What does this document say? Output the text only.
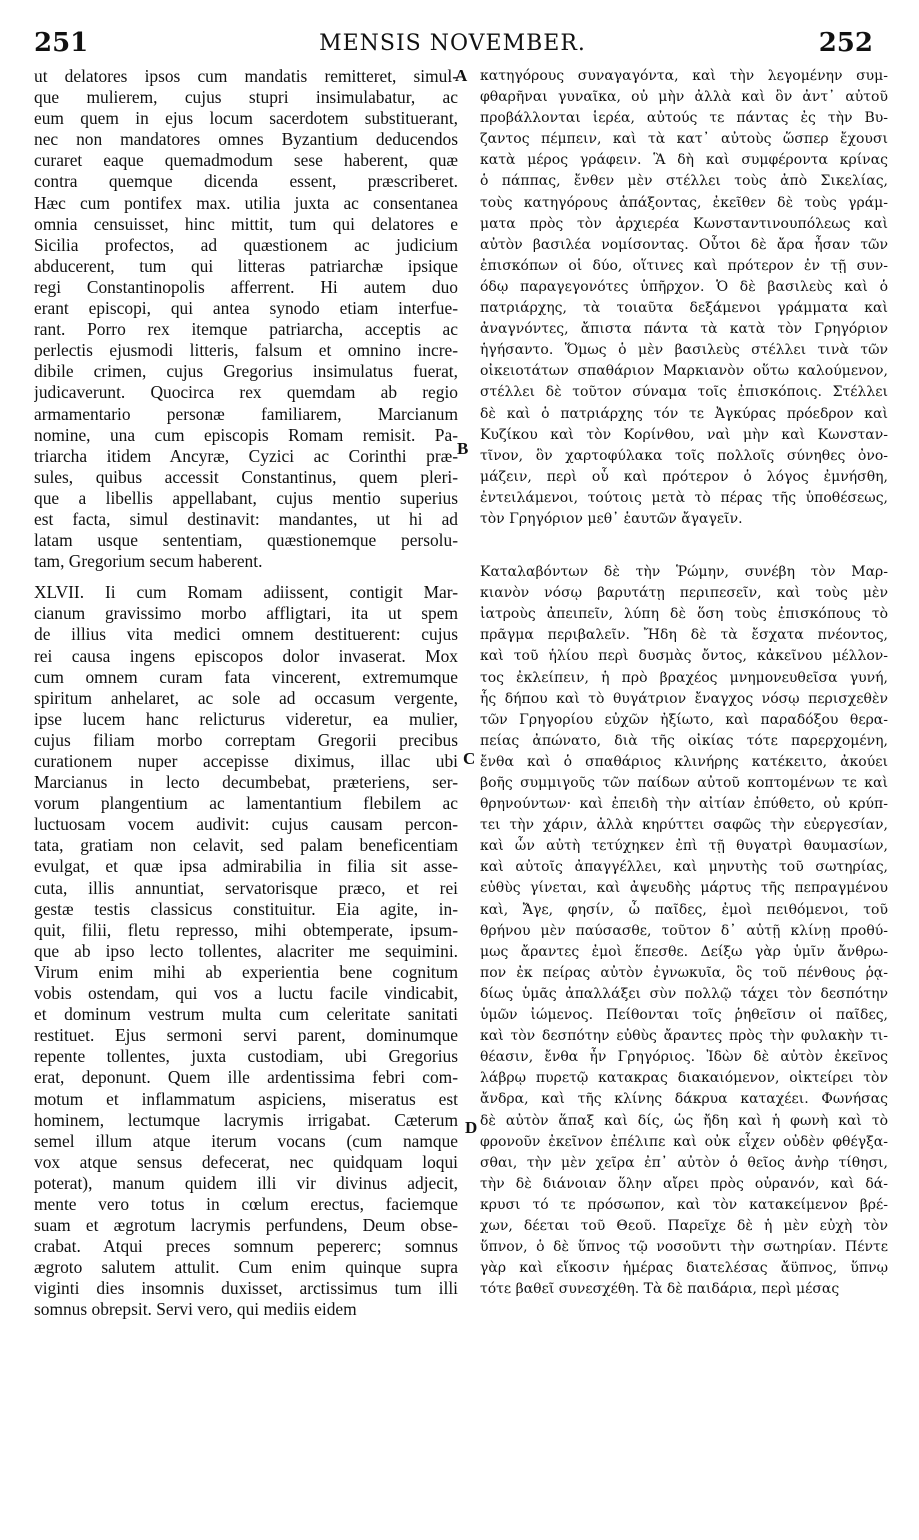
251	MENSIS NOVEMBER.	252
ut delatores ipsos cum mandatis remitteret, simul-
que mulierem, cujus stupri insimulabatur, ac
eum quem in ejus locum sacerdotem substituerant,
nec non mandatores omnes Byzantium deducendos
curaret eaque quemadmodum sese haberent, quæ
contra quemque dicenda essent, præscriberet.
Hæc cum pontifex max. utilia juxta ac consentanea
omnia censuisset, hinc mittit, tum qui delatores e
Sicilia profectos, ad quæstionem ac judicium
abducerent, tum qui litteras patriarchæ ipsique
regi Constantinopolis afferrent. Hi autem duo
erant episcopi, qui antea synodo etiam interfue-
rant. Porro rex itemque patriarcha, acceptis ac
perlectis ejusmodi litteris, falsum et omnino incre-
dibile crimen, cujus Gregorius insimulatus fuerat,
judicaverunt. Quocirca rex quemdam ab regio
armamentario personæ familiarem, Marcianum
nomine, una cum episcopis Romam remisit. Pa-
triarcha itidem Ancyræ, Cyzici ac Corinthi præ-
sules, quibus accessit Constantinus, quem pleri-
que a libellis appellabant, cujus mentio superius
est facta, simul destinavit: mandantes, ut hi ad
latam usque sententiam, quæstionemque persolu-
tam, Gregorium secum haberent.
XLVII. Ii cum Romam adiissent, contigit Mar-
cianum gravissimo morbo affligtari, ita ut spem
de illius vita medici omnem destituerent: cujus
rei causa ingens episcopos dolor invaserat. Mox
cum omnem curam fata vincerent, extremumque
spiritum anhelaret, ac sole ad occasum vergente,
ipse lucem hanc relicturus videretur, ea mulier,
cujus filiam morbo correptam Gregorii precibus
curationem nuper accepisse diximus, illac ubi
Marcianus in lecto decumbebat, præteriens, ser-
vorum plangentium ac lamentantium flebilem ac
luctuosam vocem audivit: cujus causam percon-
tata, gratiam non celavit, sed palam beneficentiam
evulgat, et quæ ipsa admirabilia in filia sit asse-
cuta, illis annuntiat, servatorisque præco, et rei
gestæ testis classicus constituitur. Eia agite, in-
quit, filii, fletu represso, mihi obtemperate, ipsum-
que ab ipso lecto tollentes, alacriter me sequimini.
Virum enim mihi ab experientia bene cognitum
vobis ostendam, qui vos a luctu facile vindicabit,
et dominum vestrum multa cum celeritate sanitati
restituet. Ejus sermoni servi parent, dominumque
repente tollentes, juxta custodiam, ubi Gregorius
erat, deponunt. Quem ille ardentissima febri com-
motum et inflammatum aspiciens, miseratus est
hominem, lectumque lacrymis irrigabat. Cæterum
semel illum atque iterum vocans (cum namque
vox atque sensus defecerat, nec quidquam loqui
poterat), manum quidem illi vir divinus adjecit,
mente vero totus in cœlum erectus, faciemque
suam et ægrotum lacrymis perfundens, Deum obse-
crabat. Atqui preces somnum pepererc; somnus
ægroto salutem attulit. Cum enim quinque supra
viginti dies insomnis duxisset, arctissimus tum illi
somnus obrepsit. Servi vero, qui mediis eidem
A
B
C
D
κατηγόρους συναγαγόντα, καὶ τὴν λεγομένην συμ-
φθαρῆναι γυναῖκα, οὐ μὴν ἀλλὰ καὶ ὃν ἀντ᾽ αὐτοῦ
προβάλλονται ἱερέα, αὐτούς τε πάντας ἐς τὴν Βυ-
ζαντος πέμπειν, καὶ τὰ κατ᾽ αὐτοὺς ὥσπερ ἔχουσι
κατὰ μέρος γράφειν. Ἃ δὴ καὶ συμφέροντα κρίνας
ὁ πάππας, ἔνθεν μὲν στέλλει τοὺς ἀπὸ Σικελίας,
τοὺς κατηγόρους ἀπάξοντας, ἐκεῖθεν δὲ τοὺς γράμ-
ματα πρὸς τὸν ἀρχιερέα Κωνσταντινουπόλεως καὶ
αὐτὸν βασιλέα νομίσοντας. Οὗτοι δὲ ἄρα ἦσαν τῶν
ἐπισκόπων οἱ δύο, οἵτινες καὶ πρότερον ἐν τῇ συν-
όδῳ παραγεγονότες ὑπῆρχον. Ὁ δὲ βασιλεὺς καὶ ὁ
πατριάρχης, τὰ τοιαῦτα δεξάμενοι γράμματα καὶ
ἀναγνόντες, ἄπιστα πάντα τὰ κατὰ τὸν Γρηγόριον
ἡγήσαντο. Ὅμως ὁ μὲν βασιλεὺς στέλλει τινὰ τῶν
οἰκειοτάτων σπαθάριον Μαρκιανὸν οὕτω καλούμενον,
στέλλει δὲ τοῦτον σύναμα τοῖς ἐπισκόποις. Στέλλει
δὲ καὶ ὁ πατριάρχης τόν τε Ἀγκύρας πρόεδρον καὶ
Κυζίκου καὶ τὸν Κορίνθου, ναὶ μὴν καὶ Κωνσταν-
τῖνον, ὃν χαρτοφύλακα τοῖς πολλοῖς σύνηθες ὀνο-
μάζειν, περὶ οὗ καὶ πρότερον ὁ λόγος ἐμνήσθη,
ἐντειλάμενοι, τούτοις μετὰ τὸ πέρας τῆς ὑποθέσεως,
τὸν Γρηγόριον μεθ᾽ ἑαυτῶν ἄγαγεῖν.
Καταλαβόντων δὲ τὴν Ῥώμην, συνέβη τὸν Μαρ-
κιανὸν νόσῳ βαρυτάτῃ περιπεσεῖν, καὶ τοὺς μὲν
ἰατροὺς ἀπειπεῖν, λύπη δὲ ὅση τοὺς ἐπισκόπους τὸ
πρᾶγμα περιβαλεῖν. Ἤδη δὲ τὰ ἔσχατα πνέοντος,
καὶ τοῦ ἡλίου περὶ δυσμὰς ὄντος, κἀκεῖνου μέλλον-
τος ἐκλείπειν, ἡ πρὸ βραχέος μνημονευθεῖσα γυνή,
ἧς δήπου καὶ τὸ θυγάτριον ἔναγχος νόσῳ περισχεθὲν
τῶν Γρηγορίου εὐχῶν ἠξίωτο, καὶ παραδόξου θερα-
πείας ἀπώνατο, διὰ τῆς οἰκίας τότε παρερχομένη,
ἔνθα καὶ ὁ σπαθάριος κλινήρης κατέκειτο, ἀκούει
βοῆς συμμιγοῦς τῶν παίδων αὐτοῦ κοπτομένων τε καὶ
θρηνούντων· καὶ ἐπειδὴ τὴν αἰτίαν ἐπύθετο, οὐ κρύπ-
τει τὴν χάριν, ἀλλὰ κηρύττει σαφῶς τὴν εὐεργεσίαν,
καὶ ὧν αὐτὴ τετύχηκεν ἐπὶ τῇ θυγατρὶ θαυμασίων,
καὶ αὐτοῖς ἀπαγγέλλει, καὶ μηνυτὴς τοῦ σωτηρίας,
εὐθὺς γίνεται, καὶ ἀψευδὴς μάρτυς τῆς πεπραγμένου
καὶ, Ἄγε, φησίν, ὦ παῖδες, ἐμοὶ πειθόμενοι, τοῦ
θρήνου μὲν παύσασθε, τοῦτον δ᾽ αὐτῇ κλίνῃ προθύ-
μως ἄραντες ἐμοὶ ἕπεσθε. Δείξω γὰρ ὑμῖν ἄνθρω-
πον ἐκ πείρας αὐτὸν ἐγνωκυῖα, ὃς τοῦ πένθους ῥᾳ-
δίως ὑμᾶς ἀπαλλάξει σὺν πολλῷ τάχει τὸν δεσπότην
ὑμῶν ἰώμενος. Πείθονται τοῖς ῥηθεῖσιν οἱ παῖδες,
καὶ τὸν δεσπότην εὐθὺς ἄραντες πρὸς τὴν φυλακὴν τι-
θέασιν, ἔνθα ἦν Γρηγόριος. Ἰδὼν δὲ αὐτὸν ἐκεῖνος
λάβρῳ πυρετῷ κατακρας διακαιόμενον, οἰκτείρει τὸν
ἄνδρα, καὶ τῆς κλίνης δάκρυα καταχέει. Φωνήσας
δὲ αὐτὸν ἅπαξ καὶ δίς, ὡς ἤδη καὶ ἡ φωνὴ καὶ τὸ
φρονοῦν ἐκεῖνον ἐπέλιπε καὶ οὐκ εἶχεν οὐδὲν φθέγξα-
σθαι, τὴν μὲν χεῖρα ἐπ᾽ αὐτὸν ὁ θεῖος ἀνὴρ τίθησι,
τὴν δὲ διάνοιαν ὅλην αἴρει πρὸς οὐρανόν, καὶ δά-
κρυσι τό τε πρόσωπον, καὶ τὸν κατακείμενον βρέ-
χων, δέεται τοῦ Θεοῦ. Παρεῖχε δὲ ἡ μὲν εὐχὴ τὸν
ὕπνον, ὁ δὲ ὕπνος τῷ νοσοῦντι τὴν σωτηρίαν. Πέντε
γὰρ καὶ εἴκοσιν ἡμέρας διατελέσας ἄϋπνος, ὕπνῳ
τότε βαθεῖ συνεσχέθη. Τὰ δὲ παιδάρια, περὶ μέσας
